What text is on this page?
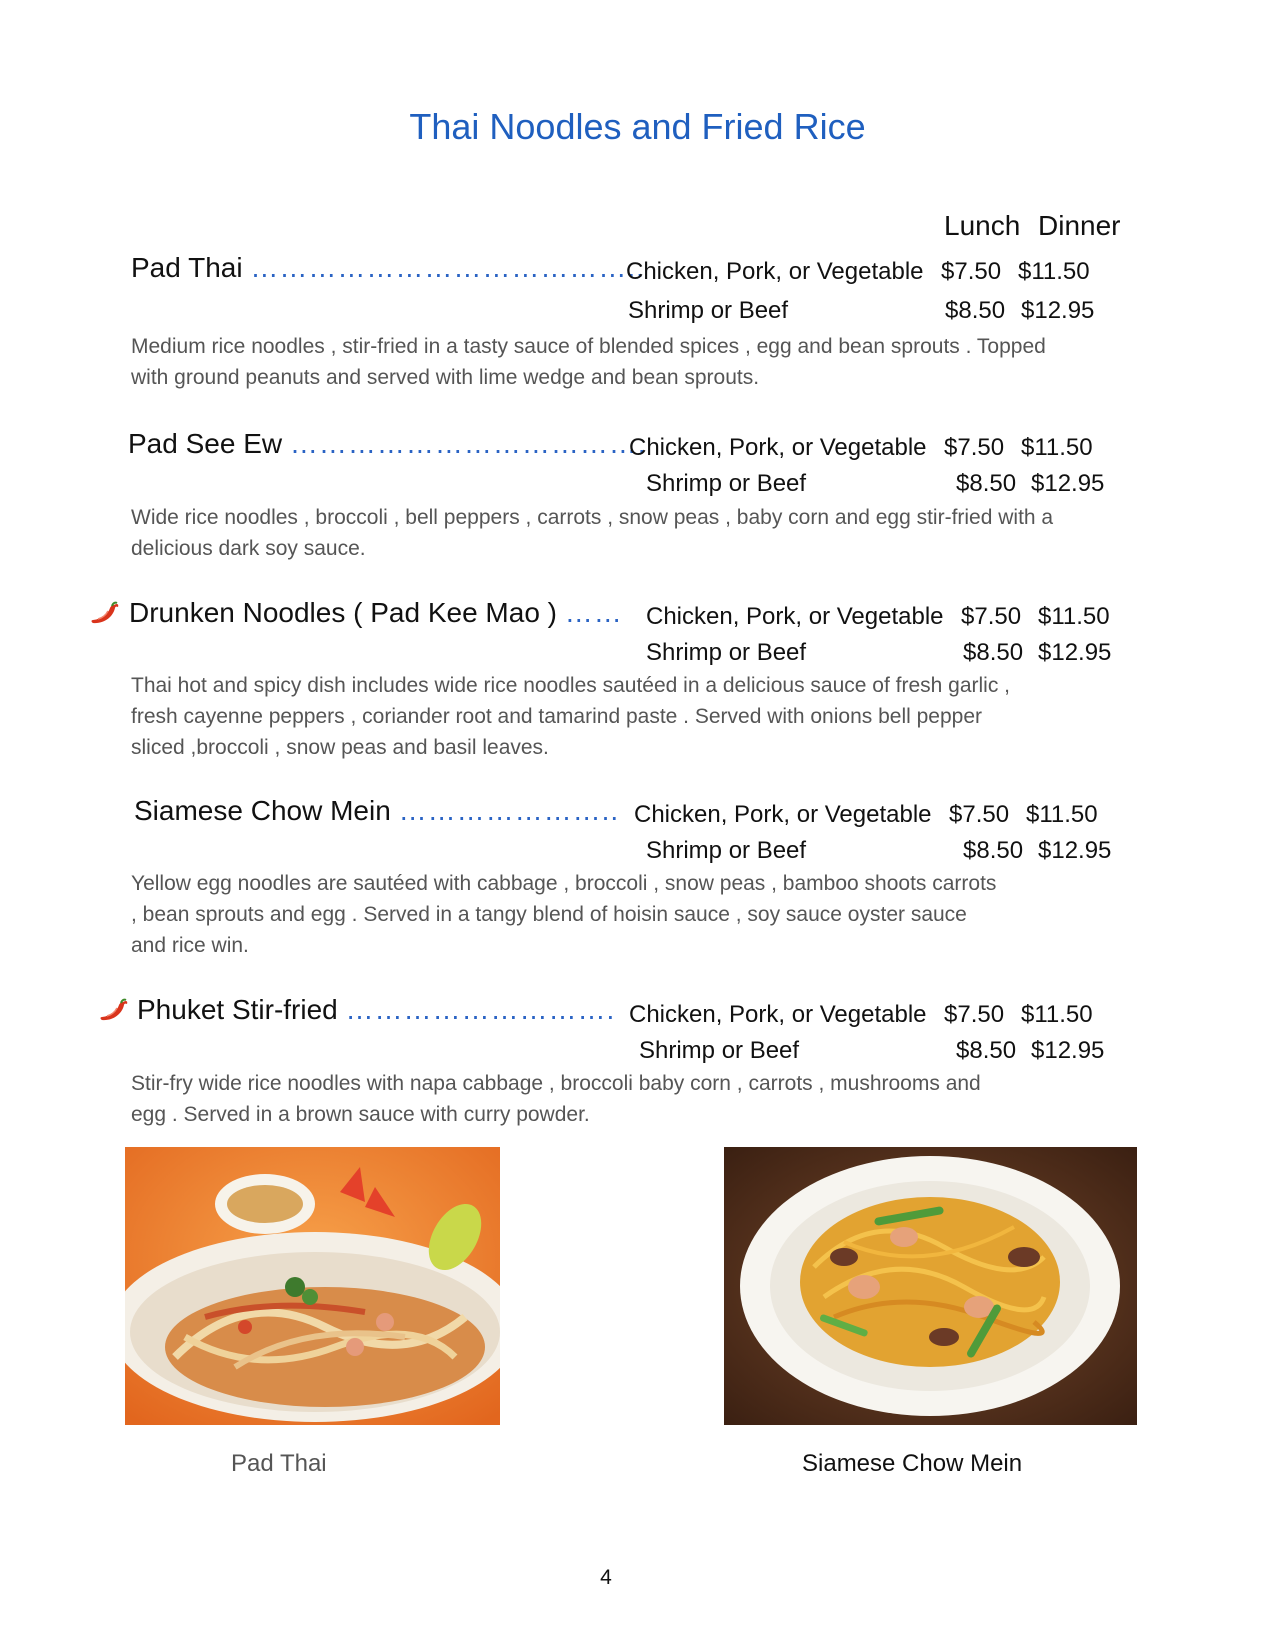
Thai Noodles and Fried Rice
Lunch Dinner
Pad Thai …………………………………..
Chicken, Pork, or Vegetable $7.50 $11.50
Shrimp or Beef	$8.50 $12.95
Medium rice noodles , stir-fried in a tasty sauce of blended spices , egg and bean sprouts . Topped with ground peanuts and served with lime wedge and bean sprouts.
Pad See Ew ……………………………….
Chicken, Pork, or Vegetable $7.50 $11.50
Shrimp or Beef	$8.50 $12.95
Wide rice noodles , broccoli , bell peppers , carrots , snow peas , baby corn and egg stir-fried with a delicious dark soy sauce.
Drunken Noodles ( Pad Kee Mao ) …… Chicken, Pork, or Vegetable $7.50 $11.50
Shrimp or Beef	$8.50 $12.95
Thai hot and spicy dish includes wide rice noodles sautéed in a delicious sauce of fresh garlic , fresh cayenne peppers , coriander root and tamarind paste . Served with onions bell pepper sliced ,broccoli , snow peas and basil leaves.
Siamese Chow Mein ………………….. Chicken, Pork, or Vegetable $7.50 $11.50
Shrimp or Beef	$8.50 $12.95
Yellow egg noodles are sautéed with cabbage , broccoli , snow peas , bamboo shoots carrots , bean sprouts and egg . Served in a tangy blend of hoisin sauce , soy sauce oyster sauce and rice win.
Phuket Stir-fried ………………………. Chicken, Pork, or Vegetable $7.50 $11.50
Shrimp or Beef	$8.50 $12.95
Stir-fry wide rice noodles with napa cabbage , broccoli baby corn , carrots , mushrooms and egg . Served in a brown sauce with curry powder.
Pad Thai	Siamese Chow Mein
4
